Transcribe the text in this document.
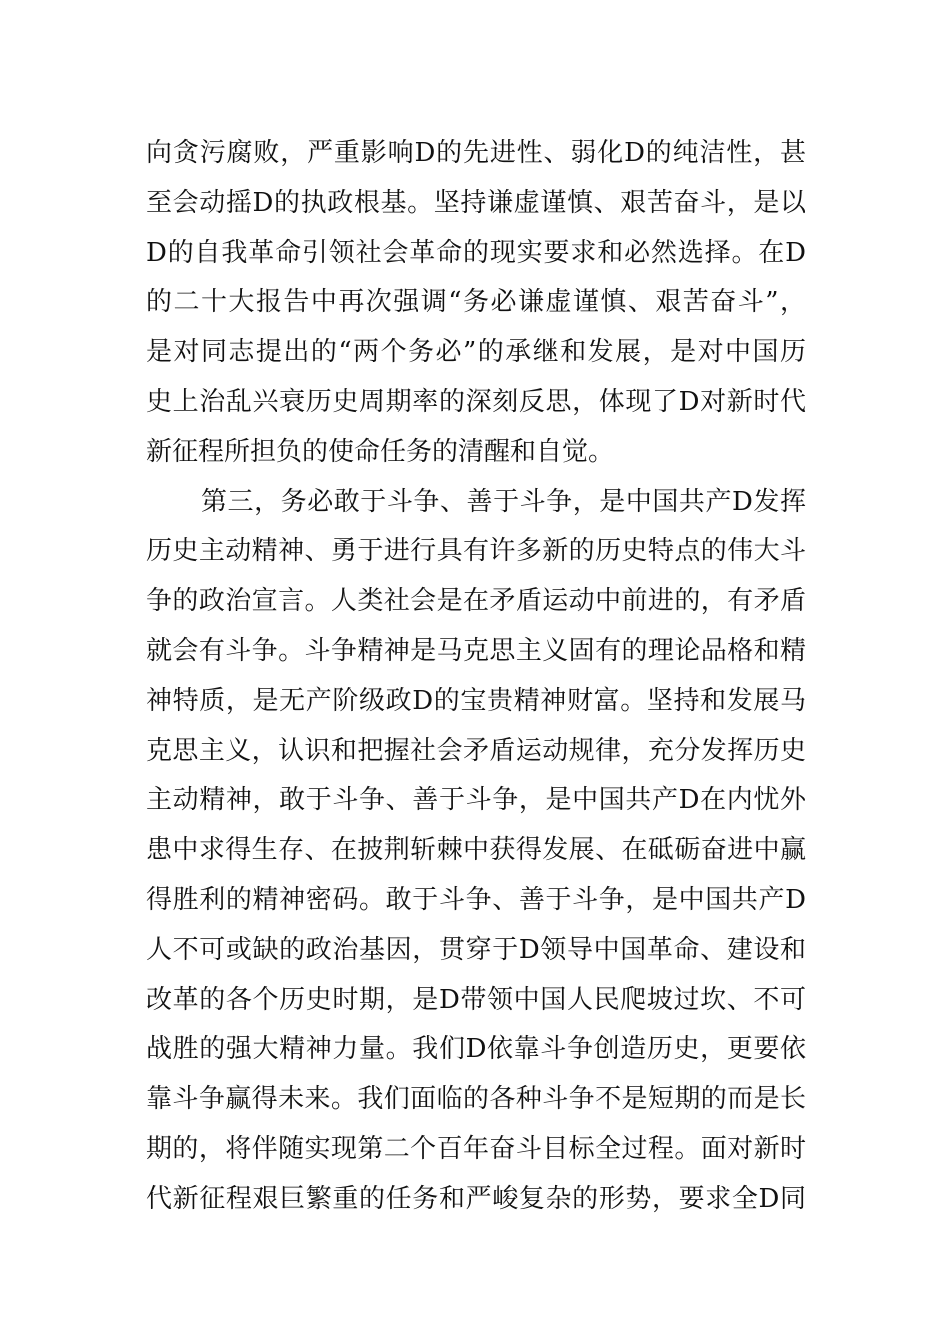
向贪污腐败，严重影响D的先进性、弱化D的纯洁性，甚
至会动摇D的执政根基。坚持谦虚谨慎、艰苦奋斗，是以
D的自我革命引领社会革命的现实要求和必然选择。在D
的二十大报告中再次强调“务必谦虚谨慎、艰苦奋斗”，
是对同志提出的“两个务必”的承继和发展，是对中国历
史上治乱兴衰历史周期率的深刻反思，体现了D对新时代
新征程所担负的使命任务的清醒和自觉。
第三，务必敢于斗争、善于斗争，是中国共产D发挥
历史主动精神、勇于进行具有许多新的历史特点的伟大斗
争的政治宣言。人类社会是在矛盾运动中前进的，有矛盾
就会有斗争。斗争精神是马克思主义固有的理论品格和精
神特质，是无产阶级政D的宝贵精神财富。坚持和发展马
克思主义，认识和把握社会矛盾运动规律，充分发挥历史
主动精神，敢于斗争、善于斗争，是中国共产D在内忧外
患中求得生存、在披荆斩棘中获得发展、在砥砺奋进中赢
得胜利的精神密码。敢于斗争、善于斗争，是中国共产D
人不可或缺的政治基因，贯穿于D领导中国革命、建设和
改革的各个历史时期，是D带领中国人民爬坡过坎、不可
战胜的强大精神力量。我们D依靠斗争创造历史，更要依
靠斗争赢得未来。我们面临的各种斗争不是短期的而是长
期的，将伴随实现第二个百年奋斗目标全过程。面对新时
代新征程艰巨繁重的任务和严峻复杂的形势，要求全D同
